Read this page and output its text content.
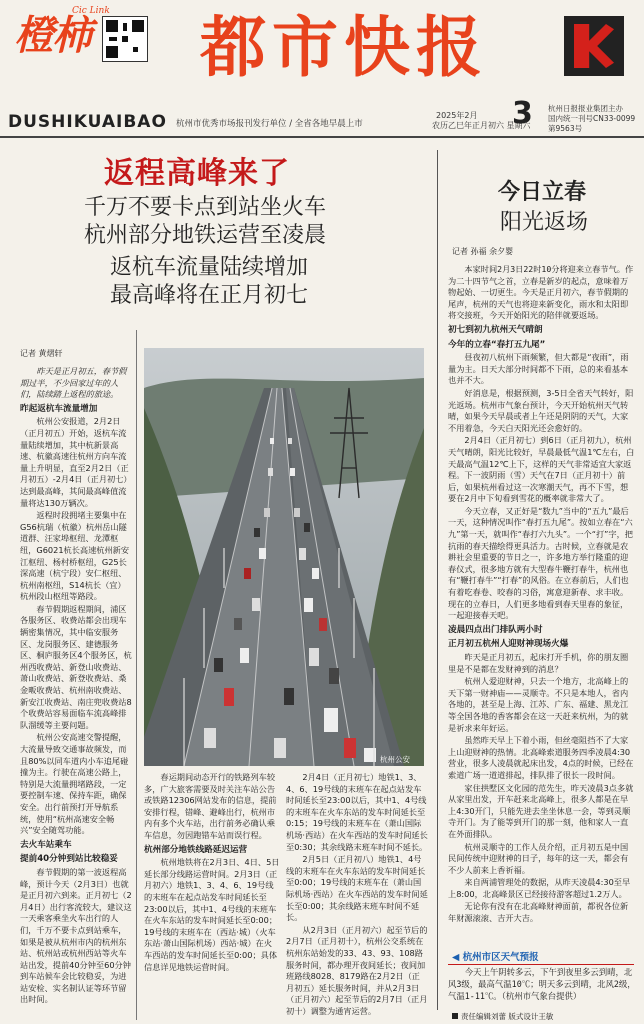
橙柿
Cic Link 都市快报
DUSHIKUAIBAO 杭州市优秀市场报刊发行单位 / 全省各地早晨上市
2025年2月
农历乙巳年正月初六 星期六
3 杭州日报报业集团主办
国内统一刊号CN33-0099
第9563号
返程高峰来了
千万不要卡点到站坐火车
杭州部分地铁运营至凌晨
返杭车流量陆续增加
最高峰将在正月初七
今日立春
阳光返场
记者 黄熠轩

昨天是正月初五，春节假期过半，不少回家过年的人们，陆续踏上返程的旅途。

昨起返杭车流量增加

杭州公安报道，2月2日（正月初五）开始，返杭车流量陆续增加，其中杭新景高速、杭徽高速往杭州方向车流量上升明显，直至2月2日（正月初五）-2月4日（正月初七）达到最高峰，其间最高峰值流量将达130万辆次。

返程时段拥堵主要集中在G56杭瑞（杭徽）杭州岳山隧道群、汪家埠枢纽、龙潭枢纽，G6021杭长高速杭州新安江枢纽、杨村桥枢纽，G25长深高速（杭宁段）安仁枢纽、杭州南枢纽，S14杭长（宜）杭州段山枢纽等路段。

春节假期返程期间，浦区各服务区、收费站都会出现车辆密集情况，其中临安服务区、龙岗服务区、建德服务区、桐庐服务区4个服务区，杭州西收费站、新登山收费站、萧山收费站、新登收费站、桑金畈收费站、杭州南收费站、新安江收费站、南庄兜收费站8个收费站容易面临车流高峰排队溜缓等主要问题。

杭州公安高速交警提醒，大流量导致交通事故频发，而且80%以同车道内小车追尾碰撞为主。行驶在高速公路上，特别是大流量拥堵路段，一定要控制车速、保持车距，确保安全。出行前预打开导航系统，使用“杭州高速安全畅兴”安全随驾功能。

去火车站乘车

提前40分钟到站比较稳妥

春节假期的第一波返程高峰，预计今天（2月3日）也就是正月初六到来。正月初七（2月4日）出行客流较大，建议这一天乘客乘坐火车出行的人们，千万不要卡点到站乘车，如果是被从杭州市内的杭州东站、杭州站或杭州西站等火车站出发，提前40分钟至60分钟到车站候车会比较稳妥，为进站安检、实名制认证等环节留出时间。

杭州公安

春运期间动态开行的铁路列车较多，广大旅客需要及时关注车站公告或铁路12306网站发布的信息，提前安排行程，错峰、避峰出行，杭州市内有多个火车站，出行前务必确认乘车信息，勿因跑错车站而误行程。

杭州部分地铁线路延迟运营

杭州地铁将在2月3日、4日、5日延长部分线路运营时间。2月3日（正月初六）地铁1、3、4、6、19号线的末班车在起点站发车时间延长至23:00以后，其中1、4号线的末班车在火车东站的发车时间延长至0:00；19号线的末班车在（西站·城）（火车东站·萧山国际机场）西站·城）在火车西站的发车时间延长至0:00；具体信息详见地铁运营时间。

2月4日（正月初七）地铁1、3、4、6、19号线的末班车在起点站发车时间延长至23:00以后，其中1、4号线的末班车在火车东站的发车时间延长至0:15；19号线的末班车在（萧山国际机场·西站）在火车西站的发车时间延长至0:30；其余线路末班车时间不延长。

2月5日（正月初八）地铁1、4号线的末班车在火车东站的发车时间延长至0:00；19号线的末班车在（萧山国际机场·西站）在火车西站的发车时间延长至0:00；其余线路末班车时间不延长。

从2月3日（正月初六）起至节后的2月7日（正月初十），杭州公交系统在杭州东站始发的33、43、93、108路服务时间，都办理开夜间延长；夜间加班路线8028、8179路在2月2日（正月初五）延长服务时间，并从2月3日（正月初六）起至节后的2月7日（正月初十）调整为通宵运营。

记者 孙福 余夕婴

本家时间2月3日22时10分将迎来立春节气。作为二十四节气之首，立春是新岁的起点，意味着万物起始、一切更生。今天是正月初六，春节假期的尾声，杭州的天气也将迎来新变化，雨水和太阳即将交接班，今天开始阳光的陪伴就要返场。

初七到初九杭州天气晴朗

今年的立春“春打五九尾”

昼夜初八杭州下雨频繁，但大都是“夜雨”，雨量为主。日天大部分时间都不下雨，总的来看基本也并不大。

好消息是，根据预测，3-5日全省天气转好，阳光返场。杭州市气象台预计，今天开始杭州天气转晴，如果今天早晨或者上午还是阴阴的天气，大家不用着急，今天白天阳光还会愈好的。

2月4日（正月初七）到6日（正月初九），杭州天气晴朗，阳光比较好，早晨最低气温1℃左右，白天最高气温12℃上下，这样的天气非常适宜大家返程。下一波阴雨（雪）天气在7日（正月初十）前后，如果杭州看过这一次寒潮天气，再不下雪，想要在2月中下旬看到雪花的概率就非常大了。

今天立春，又正好是“数九”当中的“五九”最后一天，这种情况叫作“春打五九尾”。按如立春在“六九”第一天，就叫作“春打六九头”。一个“打”字，把抗雨的春天描绘得更具活力。古时候，立春就是农耕社会里重要的节日之一，许多地方举行隆重的迎春仪式，很多地方就有大型春牛鞭打春牛，杭州也有“鞭打春牛”“打春”的风俗。在立春前后，人们也有着吃春卷、咬春的习俗，寓意迎新春、求丰收。现在的立春日，人们更多地看到春天里春的象征，一起迎接春天吧。

凌晨四点出门排队两小时

正月初五杭州人迎财神现场火爆

昨天是正月初五，起床打开手机，你的朋友圈里是不是都在发财神到的消息？

杭州人爱迎财神，只去一个地方，北高峰上的天下第一财神庙——灵顺寺。不只是本地人，省内各地的，甚至是上海、江苏、广东、福建、黑龙江等全国各地的香客都会在这一天赶来杭州，为的就是祈求来年好运。

虽然昨天早上下着小雨，但丝毫阻挡不了大家上山迎财神的热情。北高峰索道服务四季凌晨4:30营业，很多人凌晨就起床出发，4点的时候，已经在索道广场一道道排起，排队排了很长一段时间。

家住拱墅区文化园的范先生，昨天凌晨3点多就从家里出发，开车赶来北高峰上，很多人都是在早上4:30开门，只能先进去坐坐休息一会，等到灵顺寺开门。为了能等到开门的那一刻，他和家人一直在外面排队。

杭州灵顺寺的工作人员介绍，正月初五是中国民间传统中迎财神的日子，每年的这一天，都会有不少人前来上香祈福。

来自两浦管理处的数据，从昨天凌晨4:30至早上8:00，北高峰景区已经接待游客超过1.2万人。

无论你有没有在北高峰财神面前，都祝各位新年财源滚滚、吉开大吉。

◀ 杭州市区天气预报
今天上午阴转多云，下午到夜里多云到晴，北风3级，最高气温10℃；明天多云到晴，北风2级，气温1-11℃。（杭州市气象台提供）
责任编辑刘蕾 版式设计王敏
